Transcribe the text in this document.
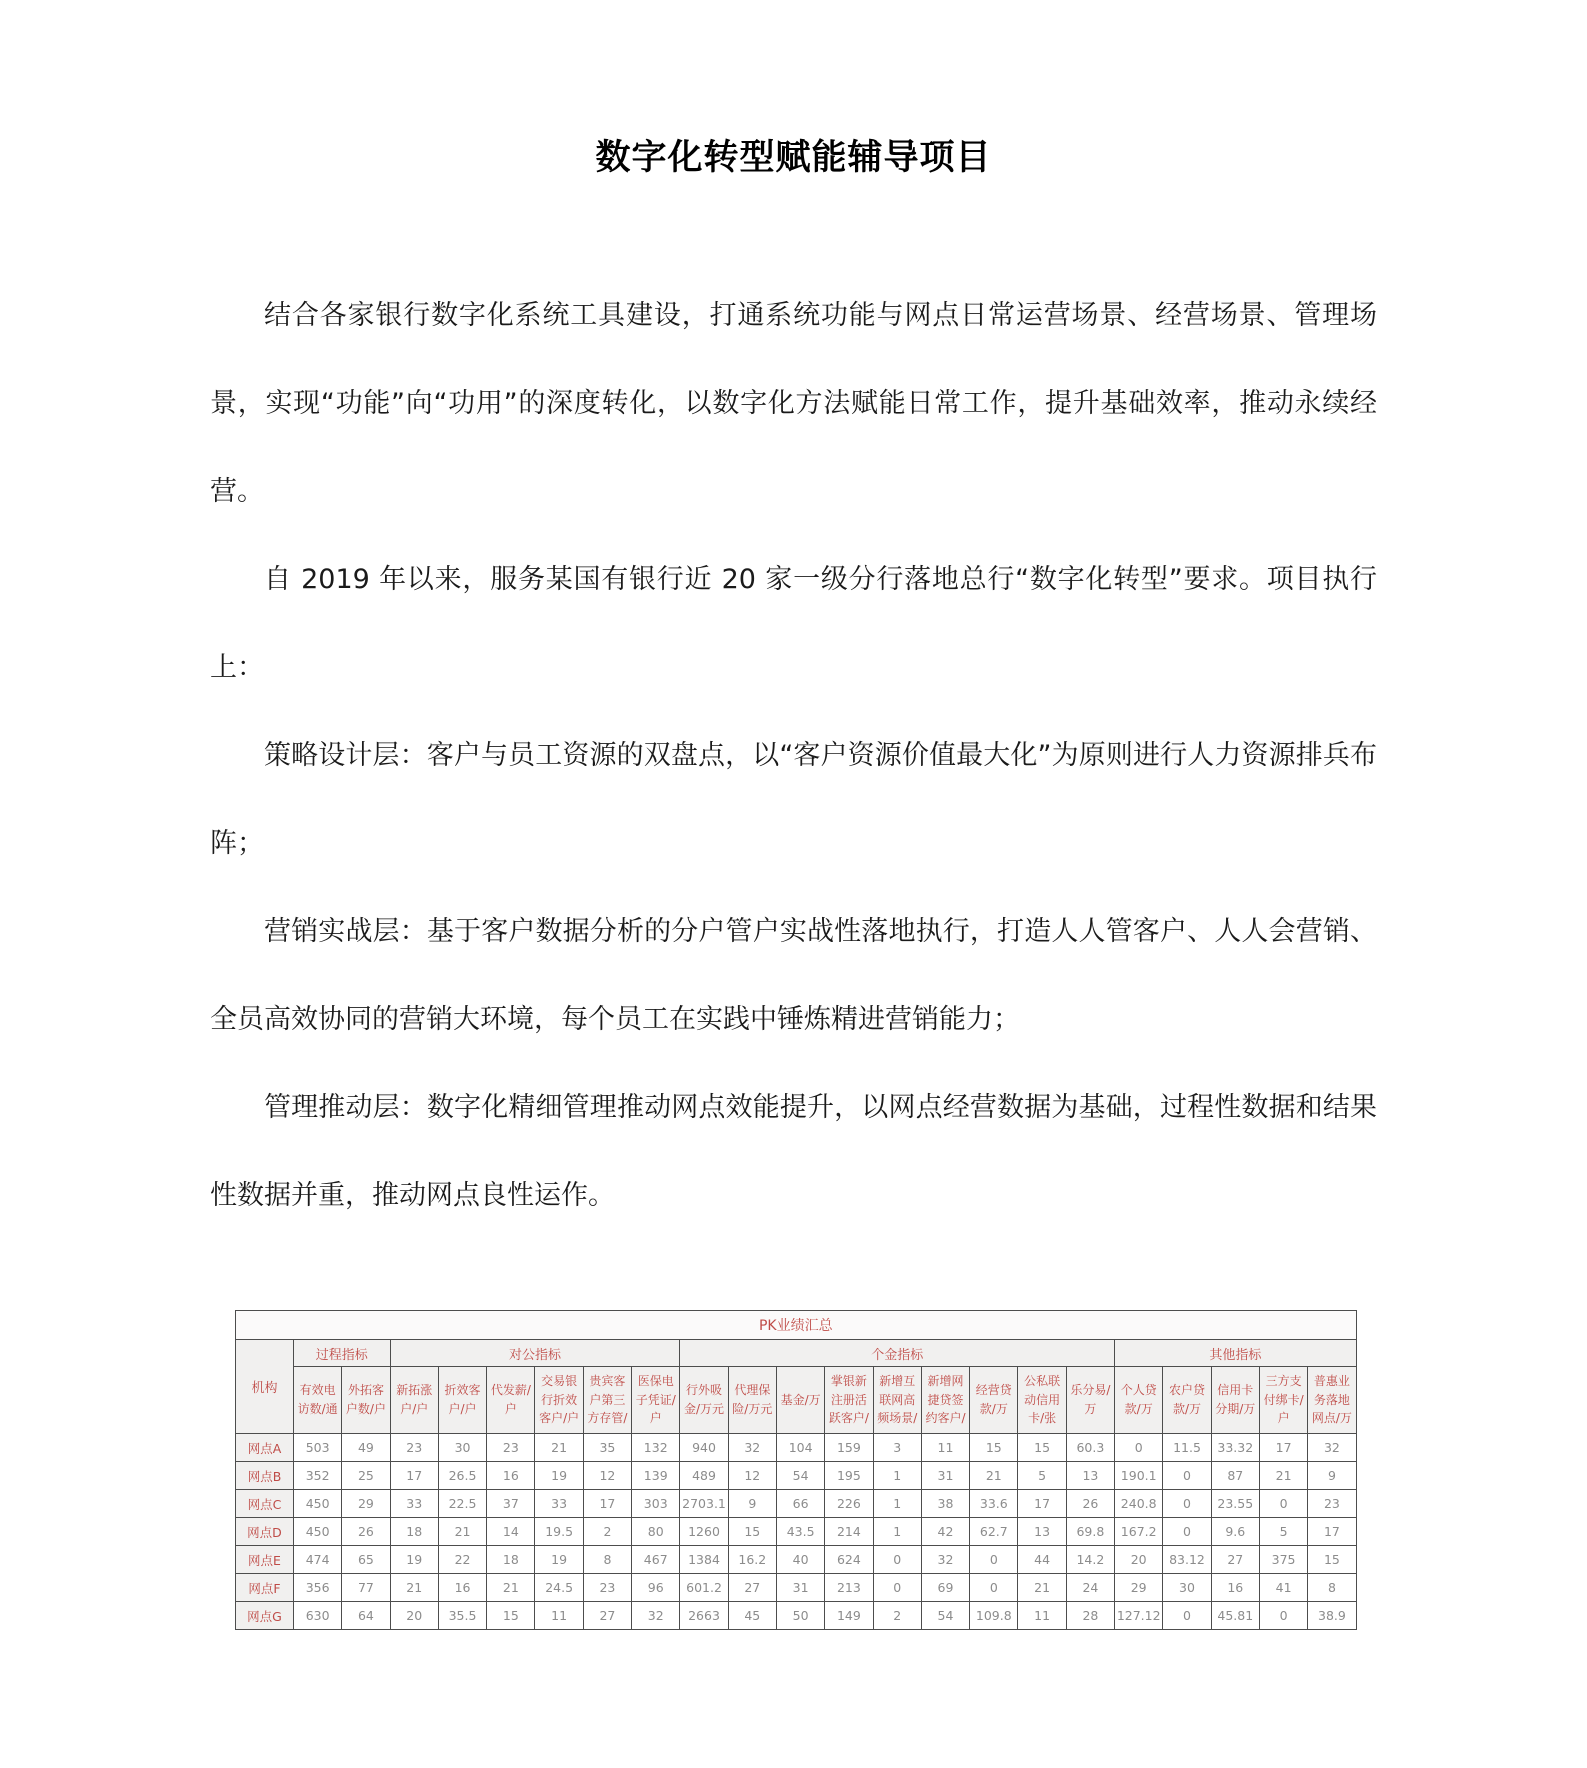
数字化转型赋能辅导项目

结合各家银行数字化系统工具建设，打通系统功能与网点日常运营场景、经营场景、管理场景，实现“功能”向“功用”的深度转化，以数字化方法赋能日常工作，提升基础效率，推动永续经营。

自 2019 年以来，服务某国有银行近 20 家一级分行落地总行“数字化转型”要求。项目执行上：

策略设计层：客户与员工资源的双盘点，以“客户资源价值最大化”为原则进行人力资源排兵布阵；

营销实战层：基于客户数据分析的分户管户实战性落地执行，打造人人管客户、人人会营销、全员高效协同的营销大环境，每个员工在实践中锤炼精进营销能力；

管理推动层：数字化精细管理推动网点效能提升，以网点经营数据为基础，过程性数据和结果性数据并重，推动网点良性运作。

PK业绩汇总																						
机构	过程指标		对公指标						个金指标									其他指标				
	有效电访数/通	外拓客户数/户	新拓涨户/户	折效客户/户	代发薪/户	交易银行折效客户/户	贵宾客户第三方存管/	医保电子凭证/户	行外吸金/万元	代理保险/万元	基金/万	掌银新注册活跃客户/	新增互联网高频场景/	新增网捷贷签约客户/	经营贷款/万	公私联动信用卡/张	乐分易/万	个人贷款/万	农户贷款/万	信用卡分期/万	三方支付绑卡/户	普惠业务落地网点/万
网点A	503	49	23	30	23	21	35	132	940	32	104	159	3	11	15	15	60.3	0	11.5	33.32	17	32
网点B	352	25	17	26.5	16	19	12	139	489	12	54	195	1	31	21	5	13	190.1	0	87	21	9
网点C	450	29	33	22.5	37	33	17	303	2703.1	9	66	226	1	38	33.6	17	26	240.8	0	23.55	0	23
网点D	450	26	18	21	14	19.5	2	80	1260	15	43.5	214	1	42	62.7	13	69.8	167.2	0	9.6	5	17
网点E	474	65	19	22	18	19	8	467	1384	16.2	40	624	0	32	0	44	14.2	20	83.12	27	375	15
网点F	356	77	21	16	21	24.5	23	96	601.2	27	31	213	0	69	0	21	24	29	30	16	41	8
网点G	630	64	20	35.5	15	11	27	32	2663	45	50	149	2	54	109.8	11	28	127.12	0	45.81	0	38.9
